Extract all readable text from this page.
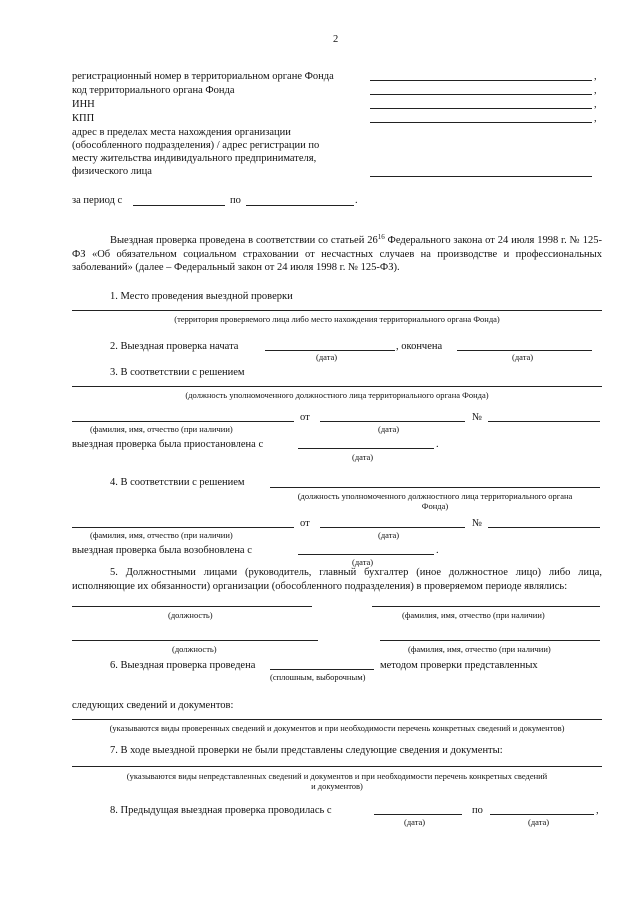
2
регистрационный номер в территориальном органе Фонда	,
код территориального органа Фонда	,
ИНН	,
КПП	,
адрес в пределах места нахождения организации
(обособленного подразделения) / адрес регистрации по
месту жительства индивидуального предпринимателя,
физического лица
за период с	по	.
Выездная проверка проведена в соответствии со статьей $26^{16}$ Федерального закона от 24 июля 1998 г. № 125-ФЗ «Об обязательном социальном страховании от несчастных случаев на производстве и профессиональных заболеваний» (далее – Федеральный закон от 24 июля 1998 г. № 125-ФЗ).
1. Место проведения выездной проверки
(территория проверяемого лица либо место нахождения территориального органа Фонда)
2. Выездная проверка начата	, окончена
(дата)	(дата)
3. В соответствии с решением
(должность уполномоченного должностного лица территориального органа Фонда)
от	№
(фамилия, имя, отчество (при наличии)	(дата)
выездная проверка была приостановлена с	.
(дата)
4. В соответствии с решением
(должность уполномоченного должностного лица территориального органа
Фонда)
от	№
(фамилия, имя, отчество (при наличии)	(дата)
выездная проверка была возобновлена с	.
(дата)
5. Должностными лицами (руководитель, главный бухгалтер (иное должностное лицо) либо лица, исполняющие их обязанности) организации (обособленного подразделения) в проверяемом периоде являлись:
(должность)	(фамилия, имя, отчество (при наличии)
(должность)	(фамилия, имя, отчество (при наличии)
6. Выездная проверка проведена	методом проверки представленных
(сплошным, выборочным)
следующих сведений и документов:
(указываются виды проверенных сведений и документов и при необходимости перечень конкретных сведений и документов)
7. В ходе выездной проверки не были представлены следующие сведения и документы:
(указываются виды непредставленных сведений и документов и при необходимости перечень конкретных сведений
и документов)
8. Предыдущая выездная проверка проводилась с	по	,
(дата)	(дата)
